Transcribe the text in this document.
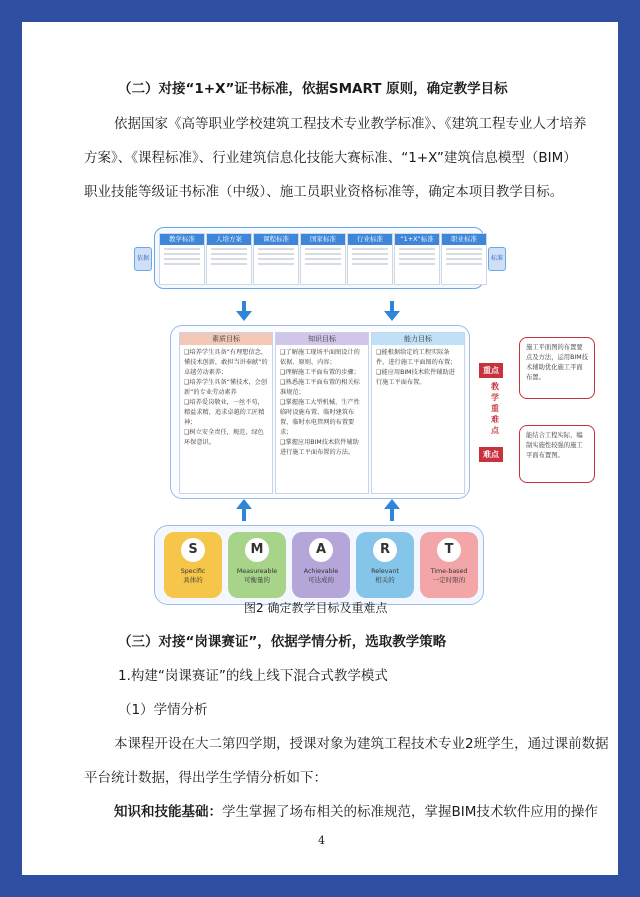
（二）对接“1+X”证书标准，依据SMART 原则，确定教学目标
依据国家《高等职业学校建筑工程技术专业教学标准》、《建筑工程专业人才培养
方案》、《课程标准》、行业建筑信息化技能大赛标准、“1+X”建筑信息模型（BIM）
职业技能等级证书标准（中级）、施工员职业资格标准等，确定本项目教学目标。
依据	标准
教学标准	人培方案	课程标准	国家标准	行业标准	“1+X”标准	职业标准
素质目标
❑培养学生具备“有理想信念，懂技术创新，敢担当讲奉献”的卓越劳动素养；
❑培养学生具备“懂技术，会创新”的专业劳动素养
❑培养爱岗敬业，一丝不苟，精益求精，追求卓越的工匠精神；
❑树立安全责任，规范，绿色环保意识。
知识目标
❑了解施工现场平面图设计的依据、原则、内容；
❑理解施工平面布置的步骤；
❑熟悉施工平面布置的相关标准规范；
❑掌握施工大型机械、生产性临时设施布置、临时建筑布置、临时水电管网的布置要求；
❑掌握应用BIM技术软件辅助进行施工平面布置的方法。
能力目标
❑能根据给定的工程实际条件，进行施工平面图的布置；
❑能应用BIM技术软件辅助进行施工平面布置。
重点
难点
教学重难点
施工平面图的布置要点及方法，运用BIM技术辅助优化施工平面布置。
能结合工程实际，编制实施性较强的施工平面布置图。
S
Specific
具体的
M
Measureable
可衡量的
A
Achievable
可达成的
R
Relevant
相关的
T
Time-based
一定时限的
图2 确定教学目标及重难点
（三）对接“岗课赛证”，依据学情分析，选取教学策略
1.构建“岗课赛证”的线上线下混合式教学模式
（1）学情分析
本课程开设在大二第四学期，授课对象为建筑工程技术专业2班学生，通过课前数据
平台统计数据，得出学生学情分析如下：
知识和技能基础：学生掌握了场布相关的标准规范，掌握BIM技术软件应用的操作
4
